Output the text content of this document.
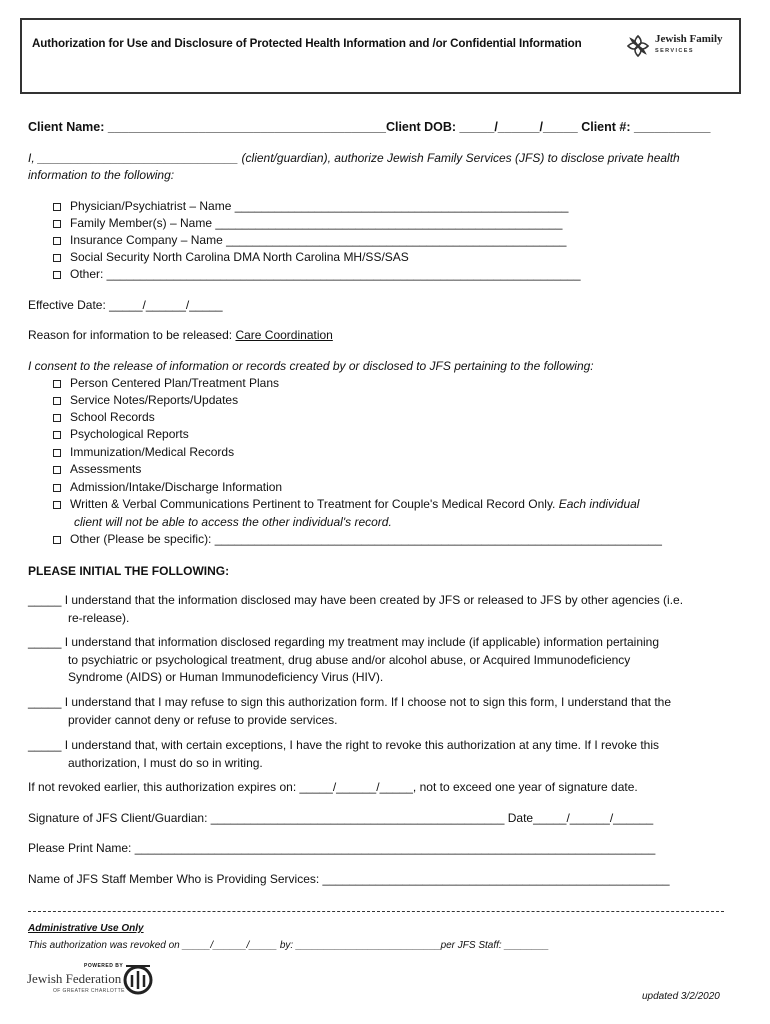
Authorization for Use and Disclosure of Protected Health Information and /or Confidential Information	Jewish Family
SERVICES
Client Name: ________________________________________Client DOB: _____/______/_____ Client #: ___________
I, ______________________________ (client/guardian), authorize Jewish Family Services (JFS) to disclose private health
information to the following:
Physician/Psychiatrist – Name __________________________________________________
Family Member(s) – Name ____________________________________________________
Insurance Company – Name ___________________________________________________
Social Security North Carolina DMA North Carolina MH/SS/SAS
Other: _______________________________________________________________________
Effective Date: _____/______/_____
Reason for information to be released: Care Coordination
I consent to the release of information or records created by or disclosed to JFS pertaining to the following:
Person Centered Plan/Treatment Plans
Service Notes/Reports/Updates
School Records
Psychological Reports
Immunization/Medical Records
Assessments
Admission/Intake/Discharge Information
Written & Verbal Communications Pertinent to Treatment for Couple's Medical Record Only. Each individual
client will not be able to access the other individual's record.
Other (Please be specific): ___________________________________________________________________
PLEASE INITIAL THE FOLLOWING:
_____ I understand that the information disclosed may have been created by JFS or released to JFS by other agencies (i.e.
re-release).
_____ I understand that information disclosed regarding my treatment may include (if applicable) information pertaining
to psychiatric or psychological treatment, drug abuse and/or alcohol abuse, or Acquired Immunodeficiency
Syndrome (AIDS) or Human Immunodeficiency Virus (HIV).
_____ I understand that I may refuse to sign this authorization form. If I choose not to sign this form, I understand that the
provider cannot deny or refuse to provide services.
_____ I understand that, with certain exceptions, I have the right to revoke this authorization at any time. If I revoke this
authorization, I must do so in writing.
If not revoked earlier, this authorization expires on: _____/______/_____, not to exceed one year of signature date.
Signature of JFS Client/Guardian: ____________________________________________ Date_____/______/______
Please Print Name: ______________________________________________________________________________
Name of JFS Staff Member Who is Providing Services: ____________________________________________________
Administrative Use Only
This authorization was revoked on _____/______/_____ by: __________________________per JFS Staff: ________
POWERED BY
Jewish Federation
OF GREATER CHARLOTTE	updated 3/2/2020
